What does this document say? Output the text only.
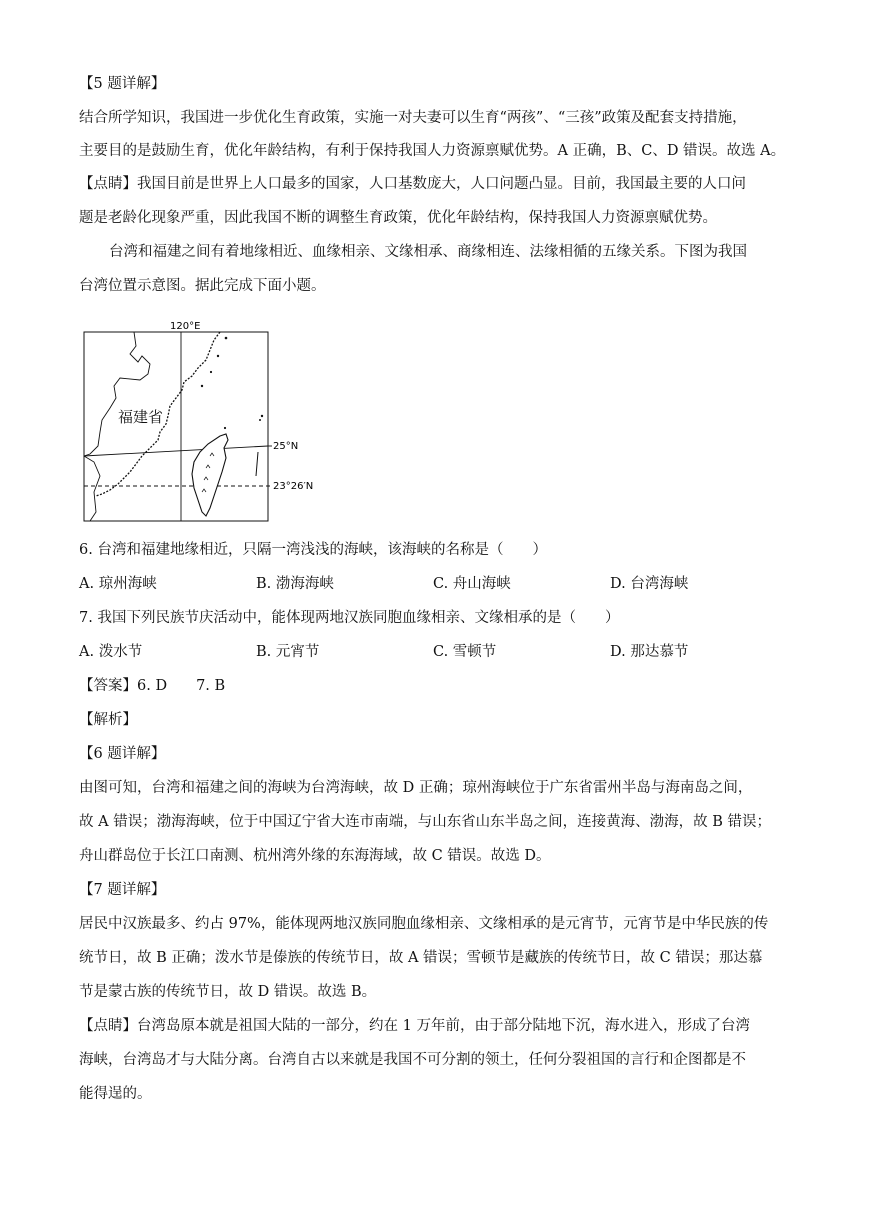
【5 题详解】
结合所学知识，我国进一步优化生育政策，实施一对夫妻可以生育“两孩”、“三孩”政策及配套支持措施，
主要目的是鼓励生育，优化年龄结构，有利于保持我国人力资源禀赋优势。A 正确，B、C、D 错误。故选 A。
【点睛】我国目前是世界上人口最多的国家，人口基数庞大，人口问题凸显。目前，我国最主要的人口问
题是老龄化现象严重，因此我国不断的调整生育政策，优化年龄结构，保持我国人力资源禀赋优势。
台湾和福建之间有着地缘相近、血缘相亲、文缘相承、商缘相连、法缘相循的五缘关系。下图为我国
台湾位置示意图。据此完成下面小题。
120°E
25°N
23°26′N
福建省
6. 台湾和福建地缘相近，只隔一湾浅浅的海峡，该海峡的名称是（　　）
A. 琼州海峡	B. 渤海海峡	C. 舟山海峡	D. 台湾海峡
7. 我国下列民族节庆活动中，能体现两地汉族同胞血缘相亲、文缘相承的是（　　）
A. 泼水节	B. 元宵节	C. 雪顿节	D. 那达慕节
【答案】6. D　　7. B
【解析】
【6 题详解】
由图可知，台湾和福建之间的海峡为台湾海峡，故 D 正确；琼州海峡位于广东省雷州半岛与海南岛之间，
故 A 错误；渤海海峡，位于中国辽宁省大连市南端，与山东省山东半岛之间，连接黄海、渤海，故 B 错误；
舟山群岛位于长江口南测、杭州湾外缘的东海海域，故 C 错误。故选 D。
【7 题详解】
居民中汉族最多、约占 97%，能体现两地汉族同胞血缘相亲、文缘相承的是元宵节，元宵节是中华民族的传
统节日，故 B 正确；泼水节是傣族的传统节日，故 A 错误；雪顿节是藏族的传统节日，故 C 错误；那达慕
节是蒙古族的传统节日，故 D 错误。故选 B。
【点睛】台湾岛原本就是祖国大陆的一部分，约在 1 万年前，由于部分陆地下沉，海水进入，形成了台湾
海峡，台湾岛才与大陆分离。台湾自古以来就是我国不可分割的领土，任何分裂祖国的言行和企图都是不
能得逞的。
